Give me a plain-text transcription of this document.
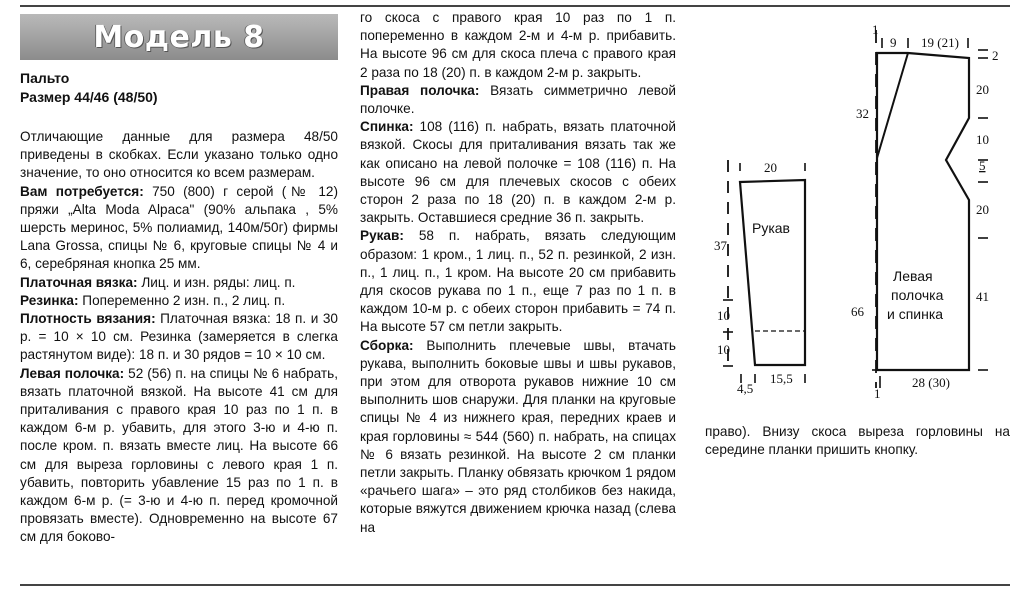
Модель 8
Пальто
Размер 44/46 (48/50)

Отличающие данные для размера 48/50 приведены в скобках. Если указано только одно значение, то оно относится ко всем размерам.

Вам потребуется: 750 (800) г серой (№ 12) пряжи „Alta Moda Alpaca" (90% альпака , 5% шерсть меринос, 5% полиамид, 140м/50г) фирмы Lana Grossa, спицы № 6, круговые спицы № 4 и 6, серебряная кнопка 25 мм.

Платочная вязка: Лиц. и изн. ряды: лиц. п.

Резинка: Попеременно 2 изн. п., 2 лиц. п.

Плотность вязания: Платочная вязка: 18 п. и 30 р. = 10 × 10 см. Резинка (замеряется в слегка растянутом виде): 18 п. и 30 рядов = 10 × 10 см.

Левая полочка: 52 (56) п. на спицы № 6 набрать, вязать платочной вязкой. На высоте 41 см для приталивания с правого края 10 раз по 1 п. в каждом 6-м р. убавить, для этого 3-ю и 4-ю п. после кром. п. вязать вместе лиц. На высоте 66 см для выреза горловины с левого края 1 п. убавить, повторить убавление 15 раз по 1 п. в каждом 6-м р. (= 3-ю и 4-ю п. перед кромочной провязать вместе). Одновременно на высоте 67 см для боково-

го скоса с правого края 10 раз по 1 п. попеременно в каждом 2-м и 4-м р. прибавить. На высоте 96 см для скоса плеча с правого края 2 раза по 18 (20) п. в каждом 2-м р. закрыть.

Правая полочка: Вязать симметрично левой полочке.

Спинка: 108 (116) п. набрать, вязать платочной вязкой. Скосы для приталивания вязать так же как описано на левой полочке = 108 (116) п. На высоте 96 см для плечевых скосов с обеих сторон 2 раза по 18 (20) п. в каждом 2-м р. закрыть. Оставшиеся средние 36 п. закрыть.

Рукав: 58 п. набрать, вязать следующим образом: 1 кром., 1 лиц. п., 52 п. резинкой, 2 изн. п., 1 лиц. п., 1 кром. На высоте 20 см прибавить для скосов рукава по 1 п., еще 7 раз по 1 п. в каждом 10-м р. с обеих сторон прибавить = 74 п. На высоте 57 см петли закрыть.

Сборка: Выполнить плечевые швы, втачать рукава, выполнить боковые швы и швы рукавов, при этом для отворота рукавов нижние 10 см выполнить шов снаружи. Для планки на круговые спицы № 4 из нижнего края, передних краев и края горловины ≈ 544 (560) п. набрать, на спицах № 6 вязать резинкой. На высоте 2 см планки петли закрыть. Планку обвязать крючком 1 рядом «рачьего шага» – это ряд столбиков без накида, которые вяжутся движением крючка назад (слева на

20
37
10
10
4,5
15,5
Рукав
1
9 19 (21)
2
32
66
20
10
5
20
41
28 (30)
1
Левая
полочка
и спинка
право). Внизу скоса выреза горловины на середине планки пришить кнопку.
